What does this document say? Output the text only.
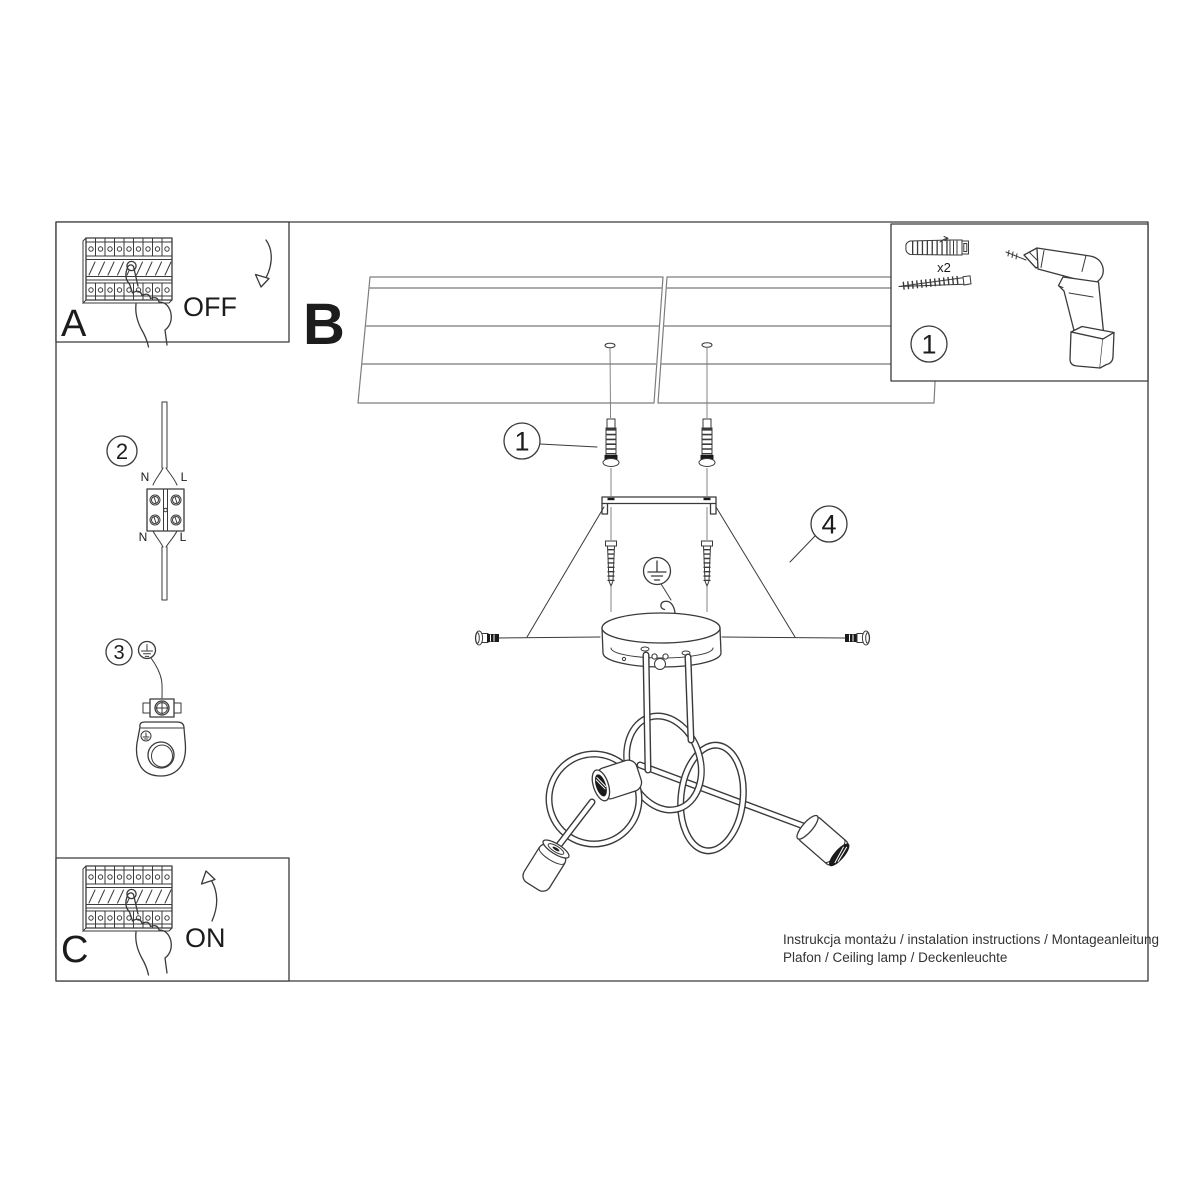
1
4
B
x2
1
A	OFF
C	ON
2
N	L
N	L
3
Instrukcja montażu / instalation instructions / Montageanleitung
Plafon / Ceiling lamp / Deckenleuchte
